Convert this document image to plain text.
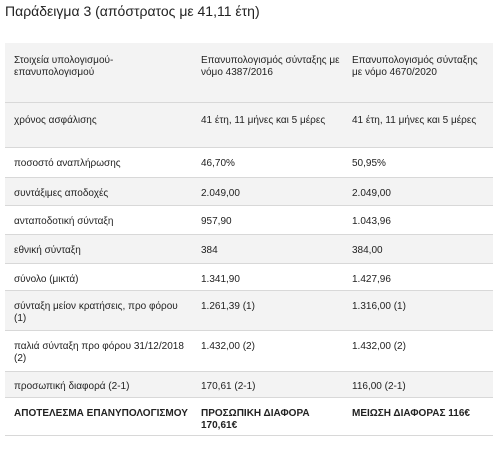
Παράδειγμα 3 (απόστρατος με 41,11 έτη)
Στοιχεία υπολογισμού-επανυπολογισμού	Επανυπολογισμός σύνταξης με νόμο 4387/2016	Επανυπολογισμός σύνταξης με νόμο 4670/2020
χρόνος ασφάλισης	41 έτη, 11 μήνες και 5 μέρες	41 έτη, 11 μήνες και 5 μέρες
ποσοστό αναπλήρωσης	46,70%	50,95%
συντάξιμες αποδοχές	2.049,00	2.049,00
ανταποδοτική σύνταξη	957,90	1.043,96
εθνική σύνταξη	384	384,00
σύνολο (μικτά)	1.341,90	1.427,96
σύνταξη μείον κρατήσεις, προ φόρου (1)	1.261,39 (1)	1.316,00 (1)
παλιά σύνταξη προ φόρου 31/12/2018 (2)	1.432,00 (2)	1.432,00 (2)
προσωπική διαφορά (2-1)	170,61 (2-1)	116,00 (2-1)
ΑΠΟΤΕΛΕΣΜΑ ΕΠΑΝΥΠΟΛΟΓΙΣΜΟΥ	ΠΡΟΣΩΠΙΚΗ ΔΙΑΦΟΡΑ 170,61€	ΜΕΙΩΣΗ ΔΙΑΦΟΡΑΣ 116€
